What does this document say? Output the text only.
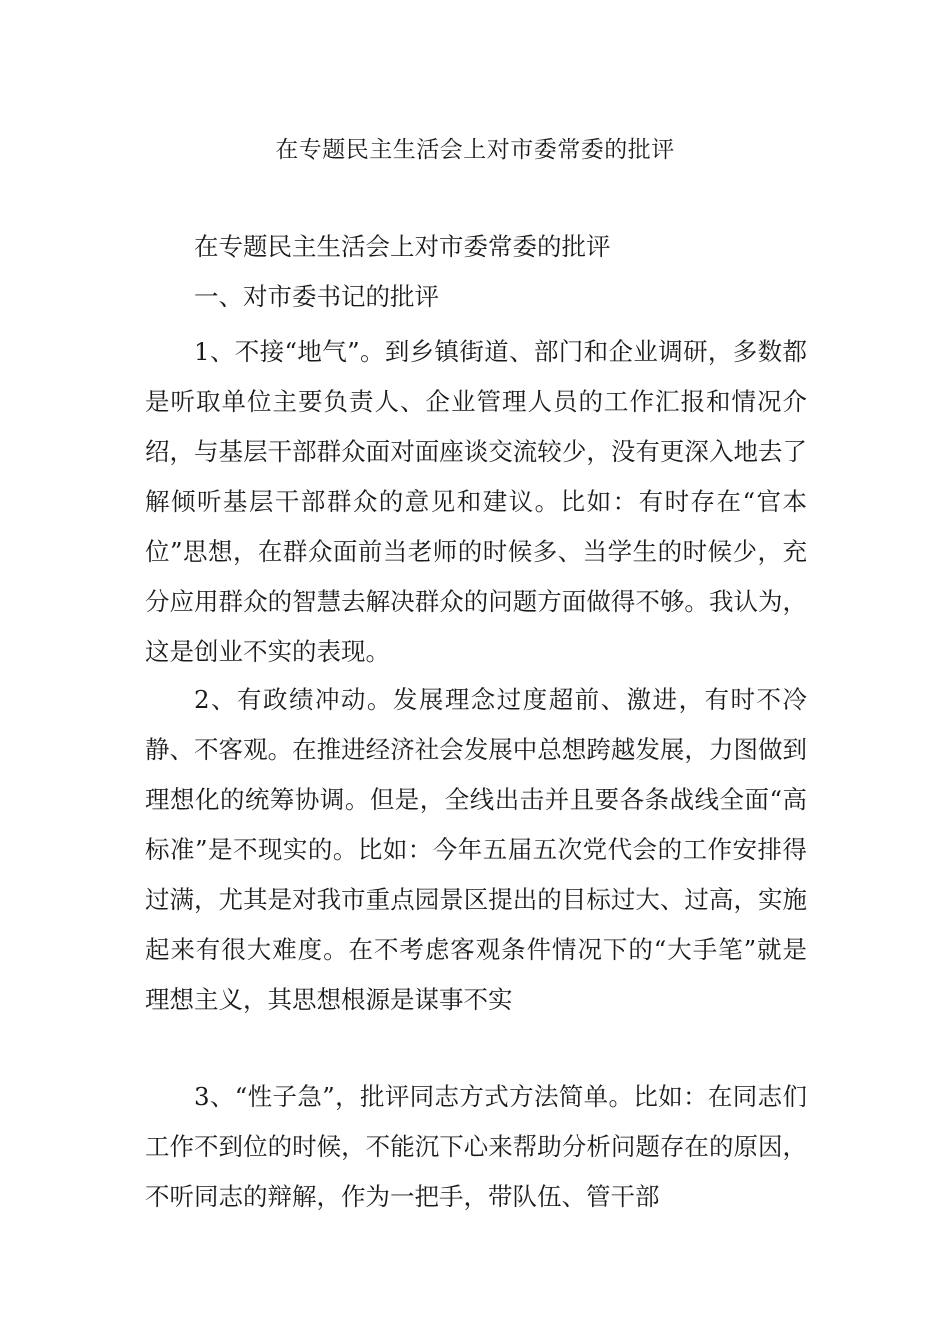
在专题民主生活会上对市委常委的批评

在专题民主生活会上对市委常委的批评

一、对市委书记的批评

1、不接“地气”。到乡镇街道、部门和企业调研，多数都是听取单位主要负责人、企业管理人员的工作汇报和情况介绍，与基层干部群众面对面座谈交流较少，没有更深入地去了解倾听基层干部群众的意见和建议。比如：有时存在“官本位”思想，在群众面前当老师的时候多、当学生的时候少，充分应用群众的智慧去解决群众的问题方面做得不够。我认为，这是创业不实的表现。

2、有政绩冲动。发展理念过度超前、激进，有时不冷静、不客观。在推进经济社会发展中总想跨越发展，力图做到理想化的统筹协调。但是，全线出击并且要各条战线全面“高标准”是不现实的。比如：今年五届五次党代会的工作安排得过满，尤其是对我市重点园景区提出的目标过大、过高，实施起来有很大难度。在不考虑客观条件情况下的“大手笔”就是理想主义，其思想根源是谋事不实

3、“性子急”，批评同志方式方法简单。比如：在同志们工作不到位的时候，不能沉下心来帮助分析问题存在的原因，不听同志的辩解，作为一把手，带队伍、管干部
